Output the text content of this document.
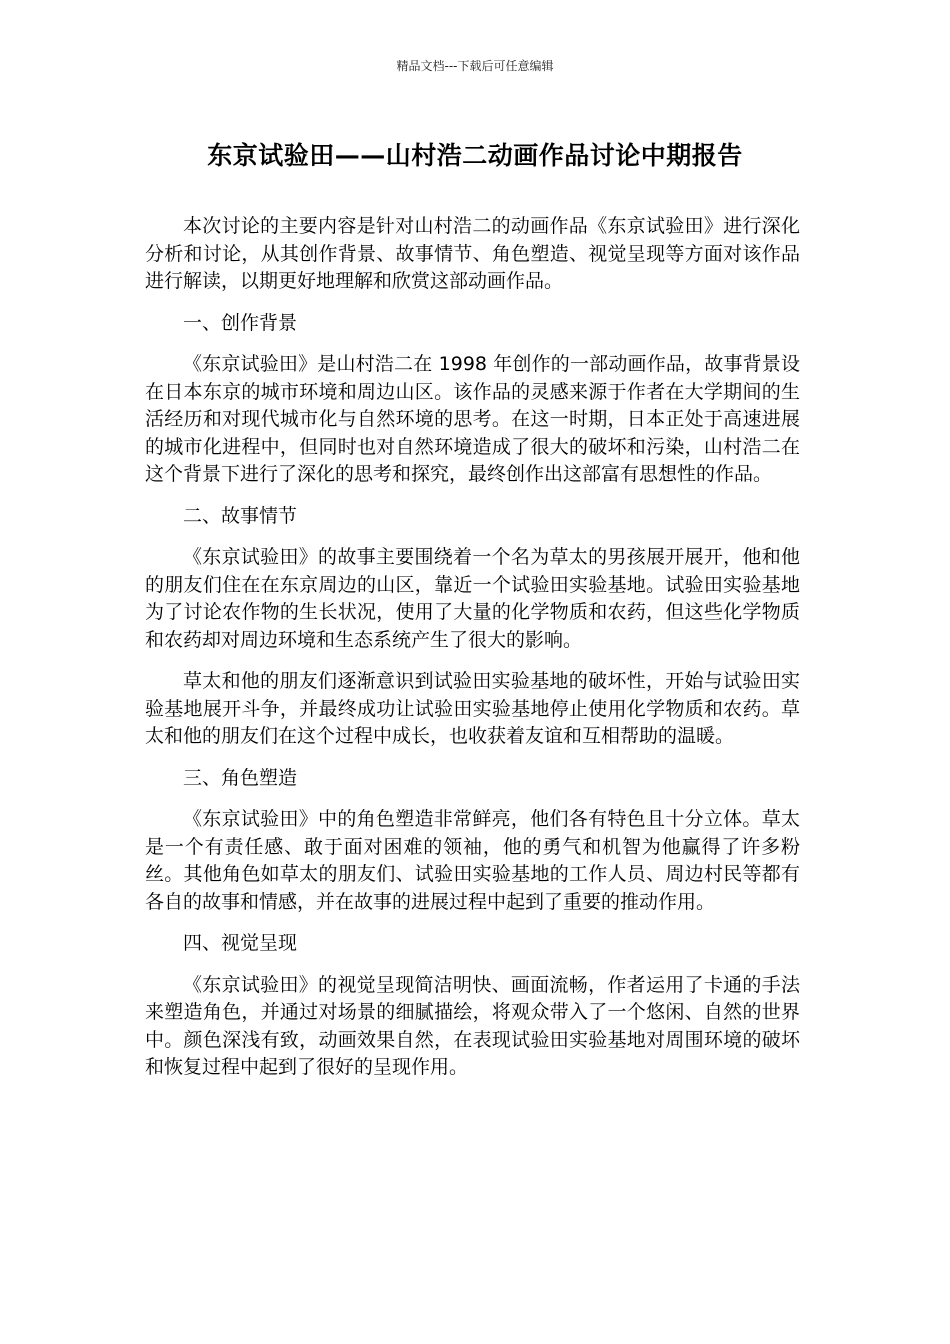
精品文档---下载后可任意编辑
东京试验田——山村浩二动画作品讨论中期报告

本次讨论的主要内容是针对山村浩二的动画作品《东京试验田》进行深化分析和讨论，从其创作背景、故事情节、角色塑造、视觉呈现等方面对该作品进行解读，以期更好地理解和欣赏这部动画作品。

一、创作背景

《东京试验田》是山村浩二在 1998 年创作的一部动画作品，故事背景设在日本东京的城市环境和周边山区。该作品的灵感来源于作者在大学期间的生活经历和对现代城市化与自然环境的思考。在这一时期，日本正处于高速进展的城市化进程中，但同时也对自然环境造成了很大的破坏和污染，山村浩二在这个背景下进行了深化的思考和探究，最终创作出这部富有思想性的作品。

二、故事情节

《东京试验田》的故事主要围绕着一个名为草太的男孩展开展开，他和他的朋友们住在在东京周边的山区，靠近一个试验田实验基地。试验田实验基地为了讨论农作物的生长状况，使用了大量的化学物质和农药，但这些化学物质和农药却对周边环境和生态系统产生了很大的影响。

草太和他的朋友们逐渐意识到试验田实验基地的破坏性，开始与试验田实验基地展开斗争，并最终成功让试验田实验基地停止使用化学物质和农药。草太和他的朋友们在这个过程中成长，也收获着友谊和互相帮助的温暖。

三、角色塑造

《东京试验田》中的角色塑造非常鲜亮，他们各有特色且十分立体。草太是一个有责任感、敢于面对困难的领袖，他的勇气和机智为他赢得了许多粉丝。其他角色如草太的朋友们、试验田实验基地的工作人员、周边村民等都有各自的故事和情感，并在故事的进展过程中起到了重要的推动作用。

四、视觉呈现

《东京试验田》的视觉呈现简洁明快、画面流畅，作者运用了卡通的手法来塑造角色，并通过对场景的细腻描绘，将观众带入了一个悠闲、自然的世界中。颜色深浅有致，动画效果自然，在表现试验田实验基地对周围环境的破坏和恢复过程中起到了很好的呈现作用。
